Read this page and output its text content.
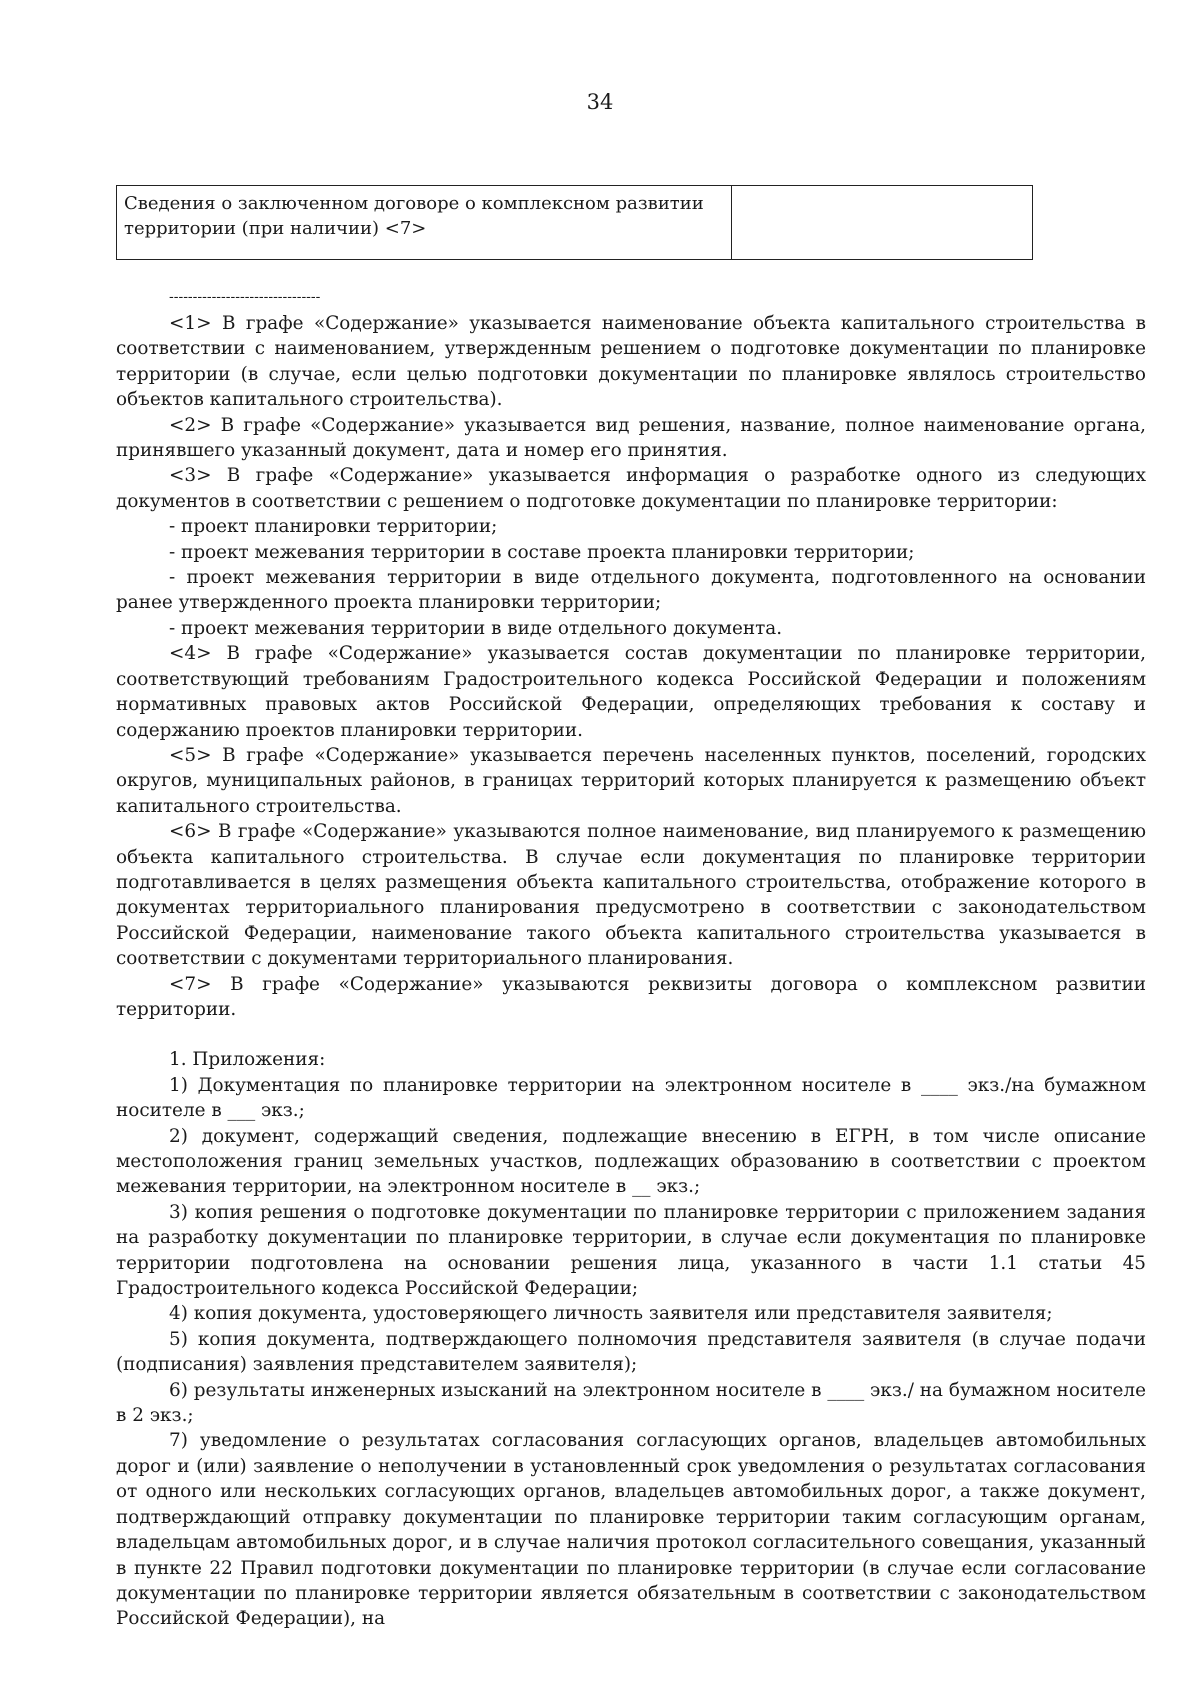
34
Сведения о заключенном договоре о комплексном развитии территории (при наличии) <7>	
--------------------------------

<1> В графе «Содержание» указывается наименование объекта капитального строительства в соответствии с наименованием, утвержденным решением о подготовке документации по планировке территории (в случае, если целью подготовки документации по планировке являлось строительство объектов капитального строительства).

<2> В графе «Содержание» указывается вид решения, название, полное наименование органа, принявшего указанный документ, дата и номер его принятия.

<3> В графе «Содержание» указывается информация о разработке одного из следующих документов в соответствии с решением о подготовке документации по планировке территории:

- проект планировки территории;

- проект межевания территории в составе проекта планировки территории;

- проект межевания территории в виде отдельного документа, подготовленного на основании ранее утвержденного проекта планировки территории;

- проект межевания территории в виде отдельного документа.

<4> В графе «Содержание» указывается состав документации по планировке территории, соответствующий требованиям Градостроительного кодекса Российской Федерации и положениям нормативных правовых актов Российской Федерации, определяющих требования к составу и содержанию проектов планировки территории.

<5> В графе «Содержание» указывается перечень населенных пунктов, поселений, городских округов, муниципальных районов, в границах территорий которых планируется к размещению объект капитального строительства.

<6> В графе «Содержание» указываются полное наименование, вид планируемого к размещению объекта капитального строительства. В случае если документация по планировке территории подготавливается в целях размещения объекта капитального строительства, отображение которого в документах территориального планирования предусмотрено в соответствии с законодательством Российской Федерации, наименование такого объекта капитального строительства указывается в соответствии с документами территориального планирования.

<7> В графе «Содержание» указываются реквизиты договора о комплексном развитии территории.

1. Приложения:

1) Документация по планировке территории на электронном носителе в ____ экз./на бумажном носителе в ___ экз.;

2) документ, содержащий сведения, подлежащие внесению в ЕГРН, в том числе описание местоположения границ земельных участков, подлежащих образованию в соответствии с проектом межевания территории, на электронном носителе в __ экз.;

3) копия решения о подготовке документации по планировке территории с приложением задания на разработку документации по планировке территории, в случае если документация по планировке территории подготовлена на основании решения лица, указанного в части 1.1 статьи 45 Градостроительного кодекса Российской Федерации;

4) копия документа, удостоверяющего личность заявителя или представителя заявителя;

5) копия документа, подтверждающего полномочия представителя заявителя (в случае подачи (подписания) заявления представителем заявителя);

6) результаты инженерных изысканий на электронном носителе в ____ экз./ на бумажном носителе в 2 экз.;

7) уведомление о результатах согласования согласующих органов, владельцев автомобильных дорог и (или) заявление о неполучении в установленный срок уведомления о результатах согласования от одного или нескольких согласующих органов, владельцев автомобильных дорог, а также документ, подтверждающий отправку документации по планировке территории таким согласующим органам, владельцам автомобильных дорог, и в случае наличия протокол согласительного совещания, указанный в пункте 22 Правил подготовки документации по планировке территории (в случае если согласование документации по планировке территории является обязательным в соответствии с законодательством Российской Федерации), на
